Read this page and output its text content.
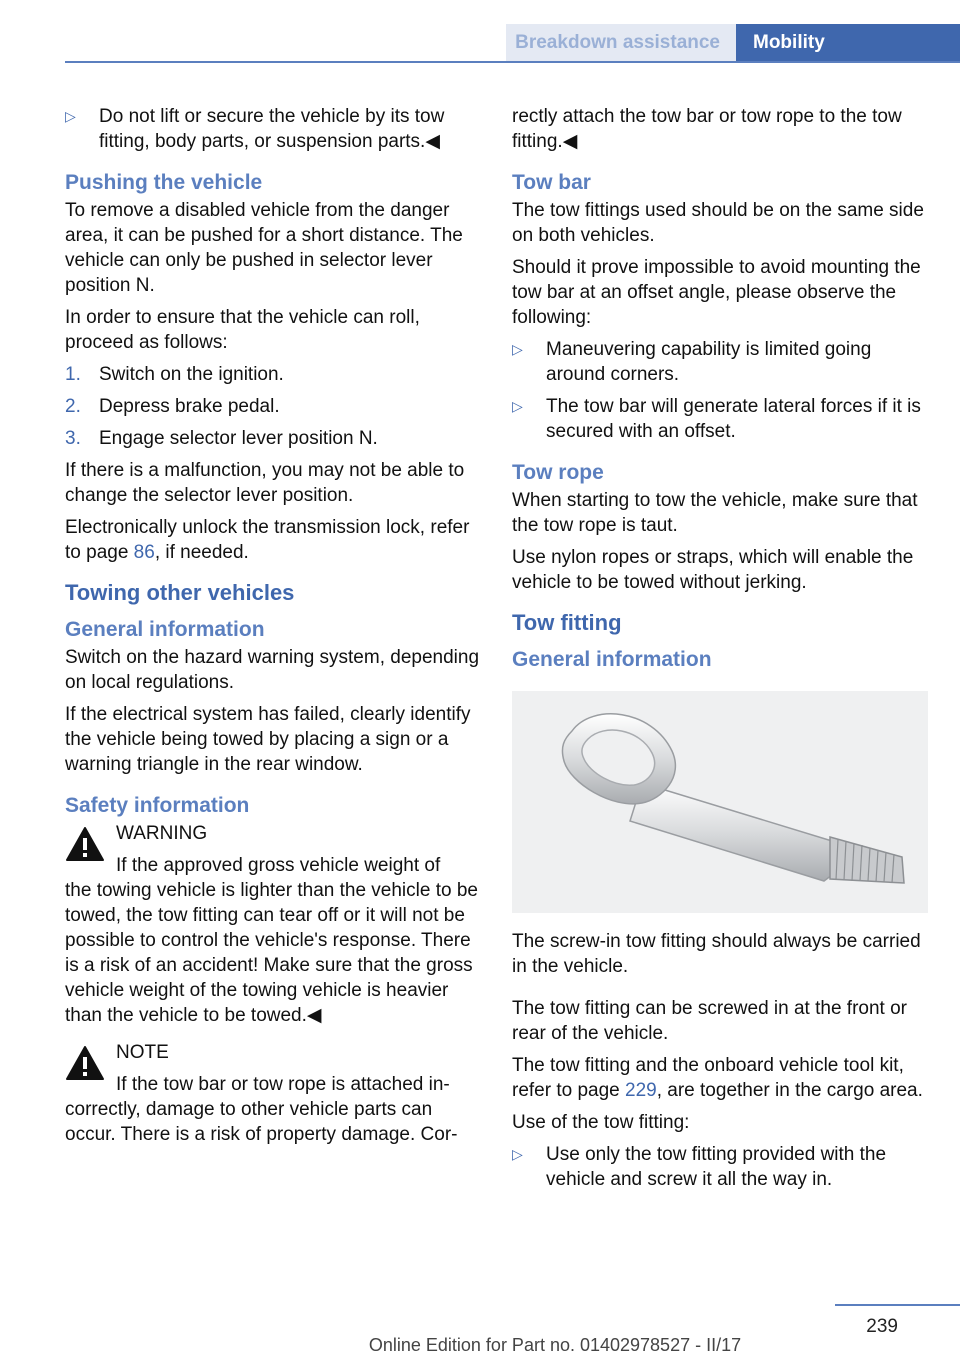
Breakdown assistance	Mobility
▷	Do not lift or secure the vehicle by its tow fitting, body parts, or suspension parts.◀
Pushing the vehicle

To remove a disabled vehicle from the danger area, it can be pushed for a short distance. The vehicle can only be pushed in selector lever position N.

In order to ensure that the vehicle can roll, proceed as follows:

1. Switch on the ignition.
2. Depress brake pedal.
3. Engage selector lever position N.

If there is a malfunction, you may not be able to change the selector lever position.

Electronically unlock the transmission lock, refer to page 86, if needed.

Towing other vehicles
General information

Switch on the hazard warning system, depending on local regulations.

If the electrical system has failed, clearly identify the vehicle being towed by placing a sign or a warning triangle in the rear window.

Safety information
WARNING
If the approved gross vehicle weight of

the towing vehicle is lighter than the vehicle to be towed, the tow fitting can tear off or it will not be possible to control the vehicle's response. There is a risk of an accident! Make sure that the gross vehicle weight of the towing vehicle is heavier than the vehicle to be towed.◀

NOTE
If the tow bar or tow rope is attached in-

correctly, damage to other vehicle parts can occur. There is a risk of property damage. Cor-

rectly attach the tow bar or tow rope to the tow fitting.◀

Tow bar

The tow fittings used should be on the same side on both vehicles.

Should it prove impossible to avoid mounting the tow bar at an offset angle, please observe the following:

▷	Maneuvering capability is limited going around corners.
▷	The tow bar will generate lateral forces if it is secured with an offset.
Tow rope

When starting to tow the vehicle, make sure that the tow rope is taut.

Use nylon ropes or straps, which will enable the vehicle to be towed without jerking.

Tow fitting
General information

The screw-in tow fitting should always be carried in the vehicle.

The tow fitting can be screwed in at the front or rear of the vehicle.

The tow fitting and the onboard vehicle tool kit, refer to page 229, are together in the cargo area.

Use of the tow fitting:

▷	Use only the tow fitting provided with the vehicle and screw it all the way in.
239
Online Edition for Part no. 01402978527 - II/17
